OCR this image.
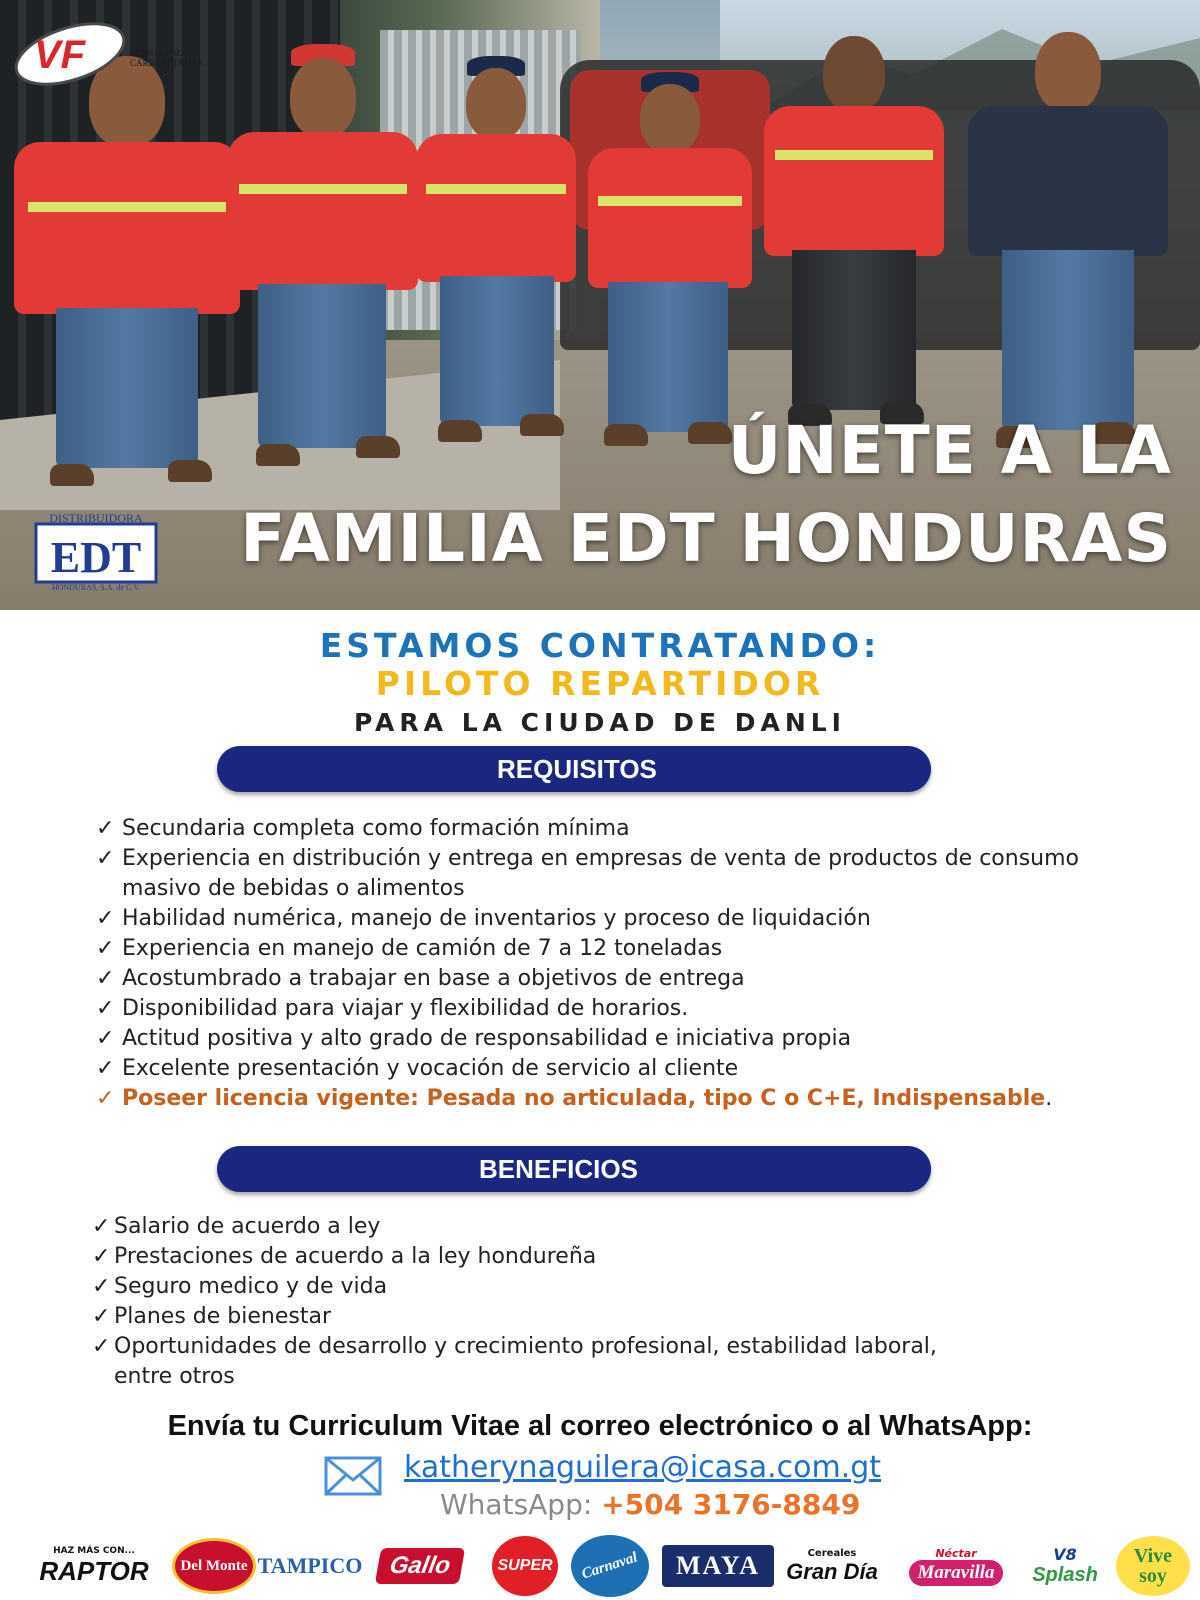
VF	BEBIDAS NO
CARBONATADAS
DISTRIBUIDORA
EDT
HONDURAS, S.A. de C.V.
ÚNETE A LA
FAMILIA EDT HONDURAS
ESTAMOS CONTRATANDO:
PILOTO REPARTIDOR
PARA LA CIUDAD DE DANLI
REQUISITOS
✓ Secundaria completa como formación mínima
✓ Experiencia en distribución y entrega en empresas de venta de productos de consumo masivo de bebidas o alimentos
✓ Habilidad numérica, manejo de inventarios y proceso de liquidación
✓ Experiencia en manejo de camión de 7 a 12 toneladas
✓ Acostumbrado a trabajar en base a objetivos de entrega
✓ Disponibilidad para viajar y flexibilidad de horarios.
✓ Actitud positiva y alto grado de responsabilidad e iniciativa propia
✓ Excelente presentación y vocación de servicio al cliente
✓ Poseer licencia vigente: Pesada no articulada, tipo C o C+E, Indispensable.
BENEFICIOS
✓ Salario de acuerdo a ley
✓ Prestaciones de acuerdo a la ley hondureña
✓ Seguro medico y de vida
✓ Planes de bienestar
✓ Oportunidades de desarrollo y crecimiento profesional, estabilidad laboral, entre otros
Envía tu Curriculum Vitae al correo electrónico o al WhatsApp:
katherynaguilera@icasa.com.gt
WhatsApp: +504 3176-8849
HAZ MÁS CON...
RAPTOR Del Monte TAMPICO	Gallo	SUPER Carnaval	MAYA	Cereales
Gran Día
Néctar
Maravilla
V8
Splash
Vive soy
